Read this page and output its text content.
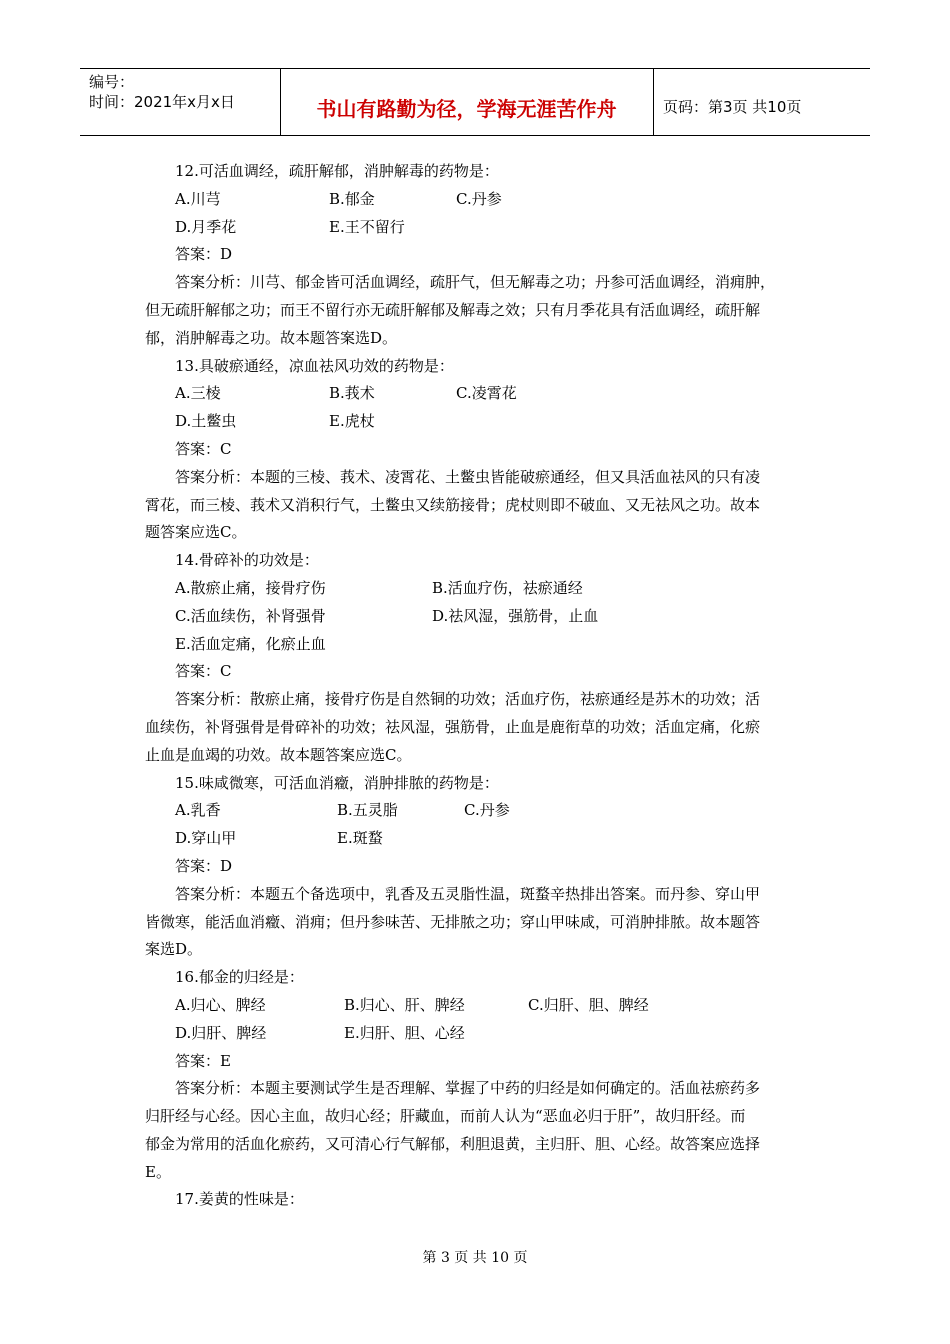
编号：
时间：2021年x月x日	书山有路勤为径，学海无涯苦作舟	页码：第3页 共10页
12.可活血调经，疏肝解郁，消肿解毒的药物是：
A.川芎	B.郁金	C.丹参
D.月季花	E.王不留行
答案：D
答案分析：川芎、郁金皆可活血调经，疏肝气，但无解毒之功；丹参可活血调经，消痈肿，
但无疏肝解郁之功；而王不留行亦无疏肝解郁及解毒之效；只有月季花具有活血调经，疏肝解
郁，消肿解毒之功。故本题答案选D。
13.具破瘀通经，凉血祛风功效的药物是：
A.三棱	B.莪术	C.凌霄花
D.土鳖虫	E.虎杖
答案：C
答案分析：本题的三棱、莪术、凌霄花、土鳖虫皆能破瘀通经，但又具活血祛风的只有凌
霄花，而三棱、莪术又消积行气，土鳖虫又续筋接骨；虎杖则即不破血、又无祛风之功。故本
题答案应选C。
14.骨碎补的功效是：
A.散瘀止痛，接骨疗伤	B.活血疗伤，祛瘀通经
C.活血续伤，补肾强骨	D.祛风湿，强筋骨，止血
E.活血定痛，化瘀止血
答案：C
答案分析：散瘀止痛，接骨疗伤是自然铜的功效；活血疗伤，祛瘀通经是苏木的功效；活
血续伤，补肾强骨是骨碎补的功效；祛风湿，强筋骨，止血是鹿衔草的功效；活血定痛，化瘀
止血是血竭的功效。故本题答案应选C。
15.味咸微寒，可活血消癥，消肿排脓的药物是：
A.乳香	B.五灵脂	C.丹参
D.穿山甲	E.斑蝥
答案：D
答案分析：本题五个备选项中，乳香及五灵脂性温，斑蝥辛热排出答案。而丹参、穿山甲
皆微寒，能活血消癥、消痈；但丹参味苦、无排脓之功；穿山甲味咸，可消肿排脓。故本题答
案选D。
16.郁金的归经是：
A.归心、脾经	B.归心、肝、脾经	C.归肝、胆、脾经
D.归肝、脾经	E.归肝、胆、心经
答案：E
答案分析：本题主要测试学生是否理解、掌握了中药的归经是如何确定的。活血祛瘀药多
归肝经与心经。因心主血，故归心经；肝藏血，而前人认为“恶血必归于肝”，故归肝经。而
郁金为常用的活血化瘀药，又可清心行气解郁，利胆退黄，主归肝、胆、心经。故答案应选择
E。
17.姜黄的性味是：
第 3 页 共 10 页
